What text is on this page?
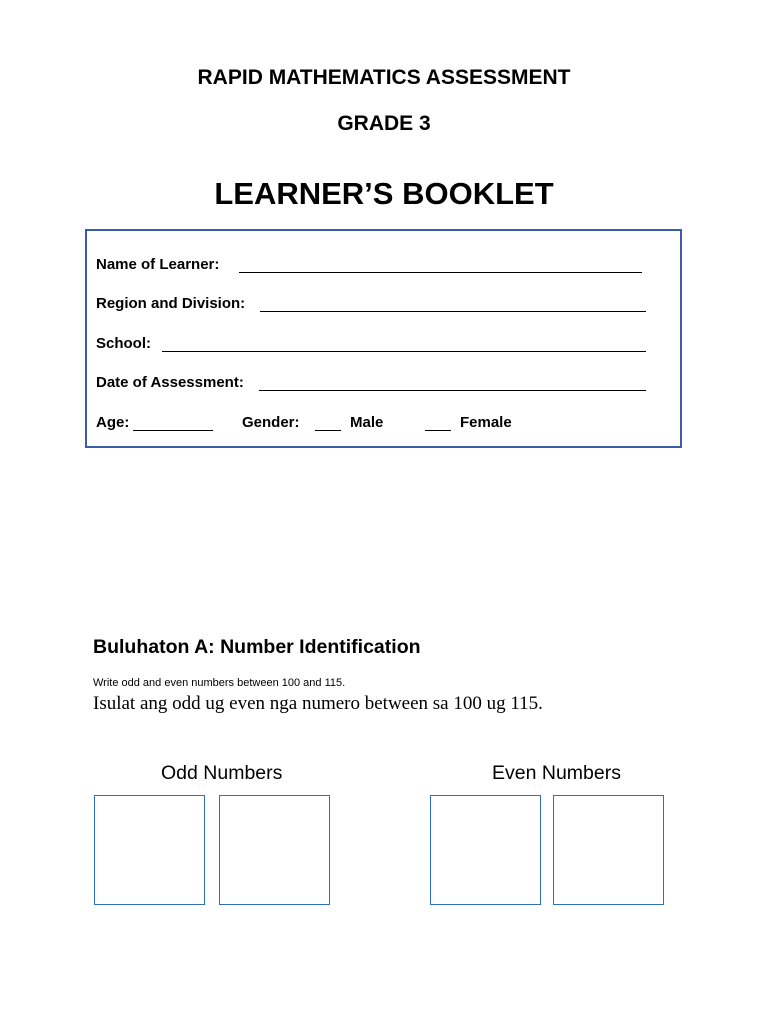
RAPID MATHEMATICS ASSESSMENT
GRADE 3
LEARNER’S BOOKLET
Name of Learner:
Region and Division:
School:
Date of Assessment:
Age:	Gender:	Male	Female
Buluhaton A: Number Identification
Write odd and even numbers between 100 and 115.
Isulat ang odd ug even nga numero between sa 100 ug 115.
Odd Numbers	Even Numbers
